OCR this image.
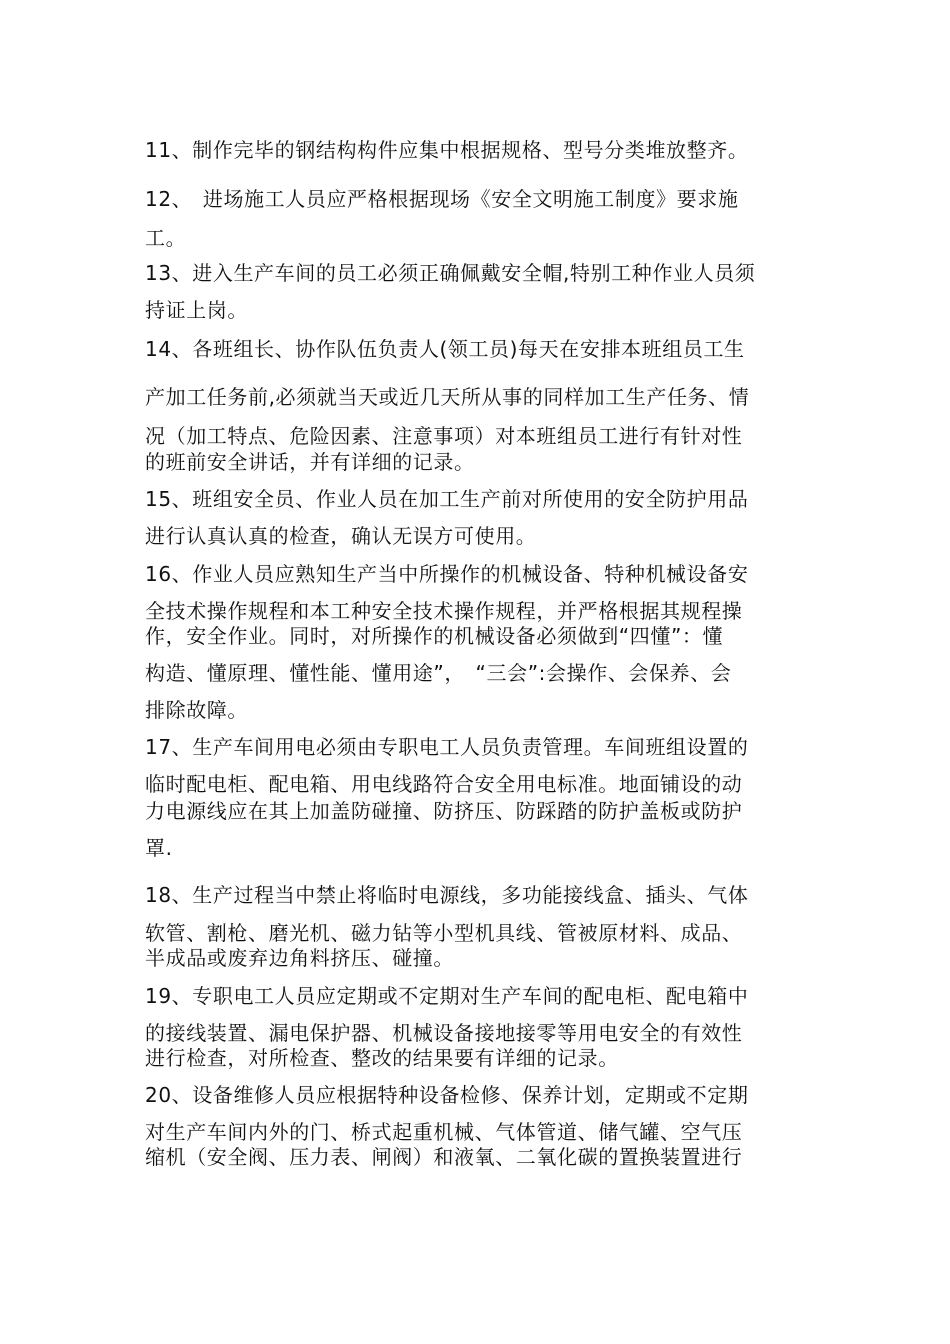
11、制作完毕的钢结构构件应集中根据规格、型号分类堆放整齐。
12、　进场施工人员应严格根据现场《安全文明施工制度》要求施
工。
13、进入生产车间的员工必须正确佩戴安全帽,特别工种作业人员须
持证上岗。
14、各班组长、协作队伍负责人(领工员)每天在安排本班组员工生
产加工任务前,必须就当天或近几天所从事的同样加工生产任务、情
况（加工特点、危险因素、注意事项）对本班组员工进行有针对性
的班前安全讲话，并有详细的记录。
15、班组安全员、作业人员在加工生产前对所使用的安全防护用品
进行认真认真的检查，确认无误方可使用。
16、作业人员应熟知生产当中所操作的机械设备、特种机械设备安
全技术操作规程和本工种安全技术操作规程，并严格根据其规程操
作，安全作业。同时，对所操作的机械设备必须做到“四懂”：懂
构造、懂原理、懂性能、懂用途”，　“三会”:会操作、会保养、会
排除故障。
17、生产车间用电必须由专职电工人员负责管理。车间班组设置的
临时配电柜、配电箱、用电线路符合安全用电标准。地面铺设的动
力电源线应在其上加盖防碰撞、防挤压、防踩踏的防护盖板或防护
罩.
18、生产过程当中禁止将临时电源线，多功能接线盒、插头、气体
软管、割枪、磨光机、磁力钻等小型机具线、管被原材料、成品、
半成品或废弃边角料挤压、碰撞。
19、专职电工人员应定期或不定期对生产车间的配电柜、配电箱中
的接线装置、漏电保护器、机械设备接地接零等用电安全的有效性
进行检查，对所检查、整改的结果要有详细的记录。
20、设备维修人员应根据特种设备检修、保养计划，定期或不定期
对生产车间内外的门、桥式起重机械、气体管道、储气罐、空气压
缩机（安全阀、压力表、闸阀）和液氧、二氧化碳的置换装置进行
